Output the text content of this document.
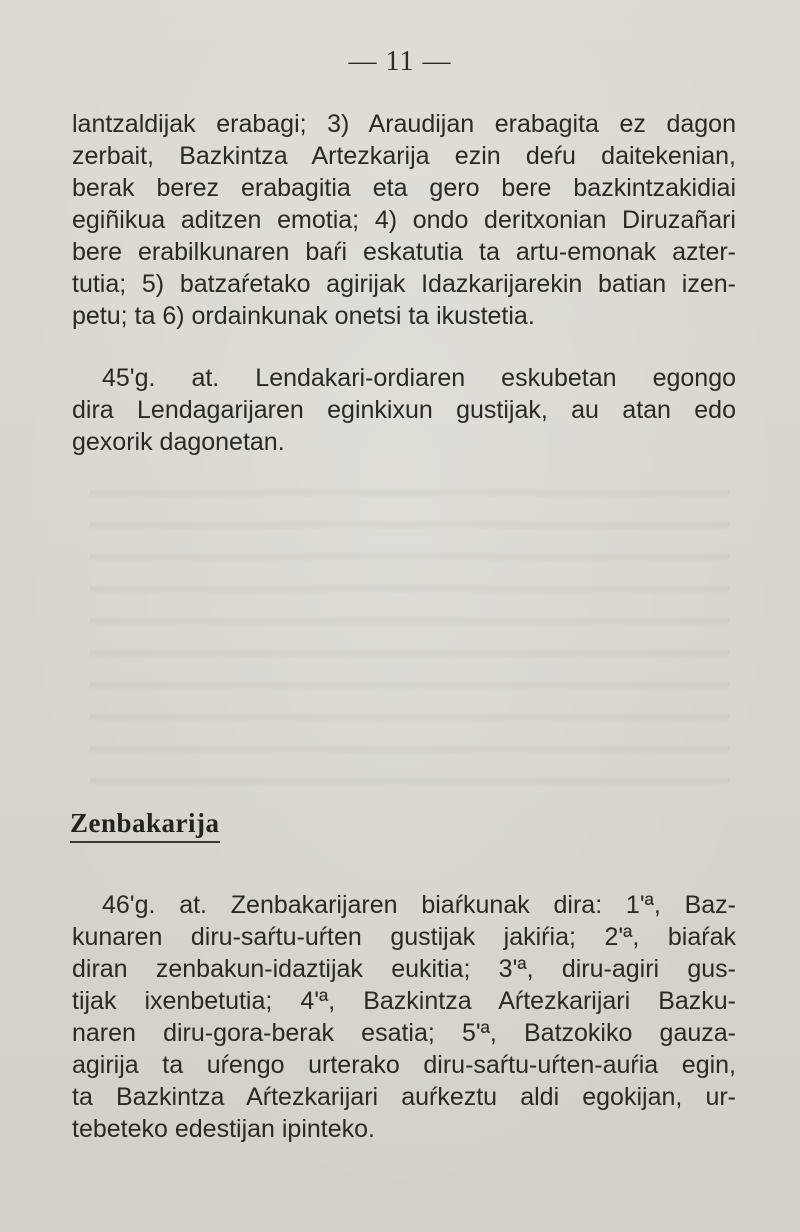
— 11 —
lantzaldijak erabagi; 3) Araudijan erabagita ez dagon
zerbait, Bazkintza Artezkarija ezin deŕu daitekenian,
berak berez erabagitia eta gero bere bazkintzakidiai
egiñikua aditzen emotia; 4) ondo deritxonian Diruzañari
bere erabilkunaren baŕi eskatutia ta artu-emonak azter-
tutia; 5) batzaŕetako agirijak Idazkarijarekin batian izen-
petu; ta 6) ordainkunak onetsi ta ikustetia.
45'g. at. Lendakari-ordiaren eskubetan egongo
dira Lendagarijaren eginkixun gustijak, au atan edo
gexorik dagonetan.
Zenbakarija
46'g. at. Zenbakarijaren biaŕkunak dira: 1'ª, Baz-
kunaren diru-saŕtu-uŕten gustijak jakiŕia; 2'ª, biaŕak
diran zenbakun-idaztijak eukitia; 3'ª, diru-agiri gus-
tijak ixenbetutia; 4'ª, Bazkintza Aŕtezkarijari Bazku-
naren diru-gora-berak esatia; 5'ª, Batzokiko gauza-
agirija ta uŕengo urterako diru-saŕtu-uŕten-auŕia egin,
ta Bazkintza Aŕtezkarijari auŕkeztu aldi egokijan, ur-
tebeteko edestijan ipinteko.
